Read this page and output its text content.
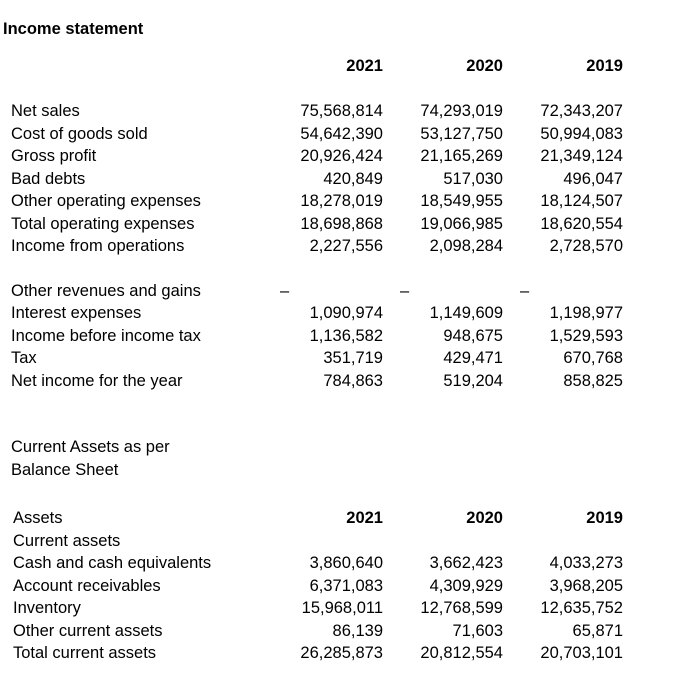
Income statement
2021	2020	2019
Net sales	75,568,814	74,293,019	72,343,207
Cost of goods sold	54,642,390	53,127,750	50,994,083
Gross profit	20,926,424	21,165,269	21,349,124
Bad debts	420,849	517,030	496,047
Other operating expenses	18,278,019	18,549,955	18,124,507
Total operating expenses	18,698,868	19,066,985	18,620,554
Income from operations	2,227,556	2,098,284	2,728,570
Other revenues and gains	–	–	–
Interest expenses	1,090,974	1,149,609	1,198,977
Income before income tax	1,136,582	948,675	1,529,593
Tax	351,719	429,471	670,768
Net income for the year	784,863	519,204	858,825
Current Assets as per
Balance Sheet
Assets	2021	2020	2019
Current assets
Cash and cash equivalents	3,860,640	3,662,423	4,033,273
Account receivables	6,371,083	4,309,929	3,968,205
Inventory	15,968,011	12,768,599	12,635,752
Other current assets	86,139	71,603	65,871
Total current assets	26,285,873	20,812,554	20,703,101
